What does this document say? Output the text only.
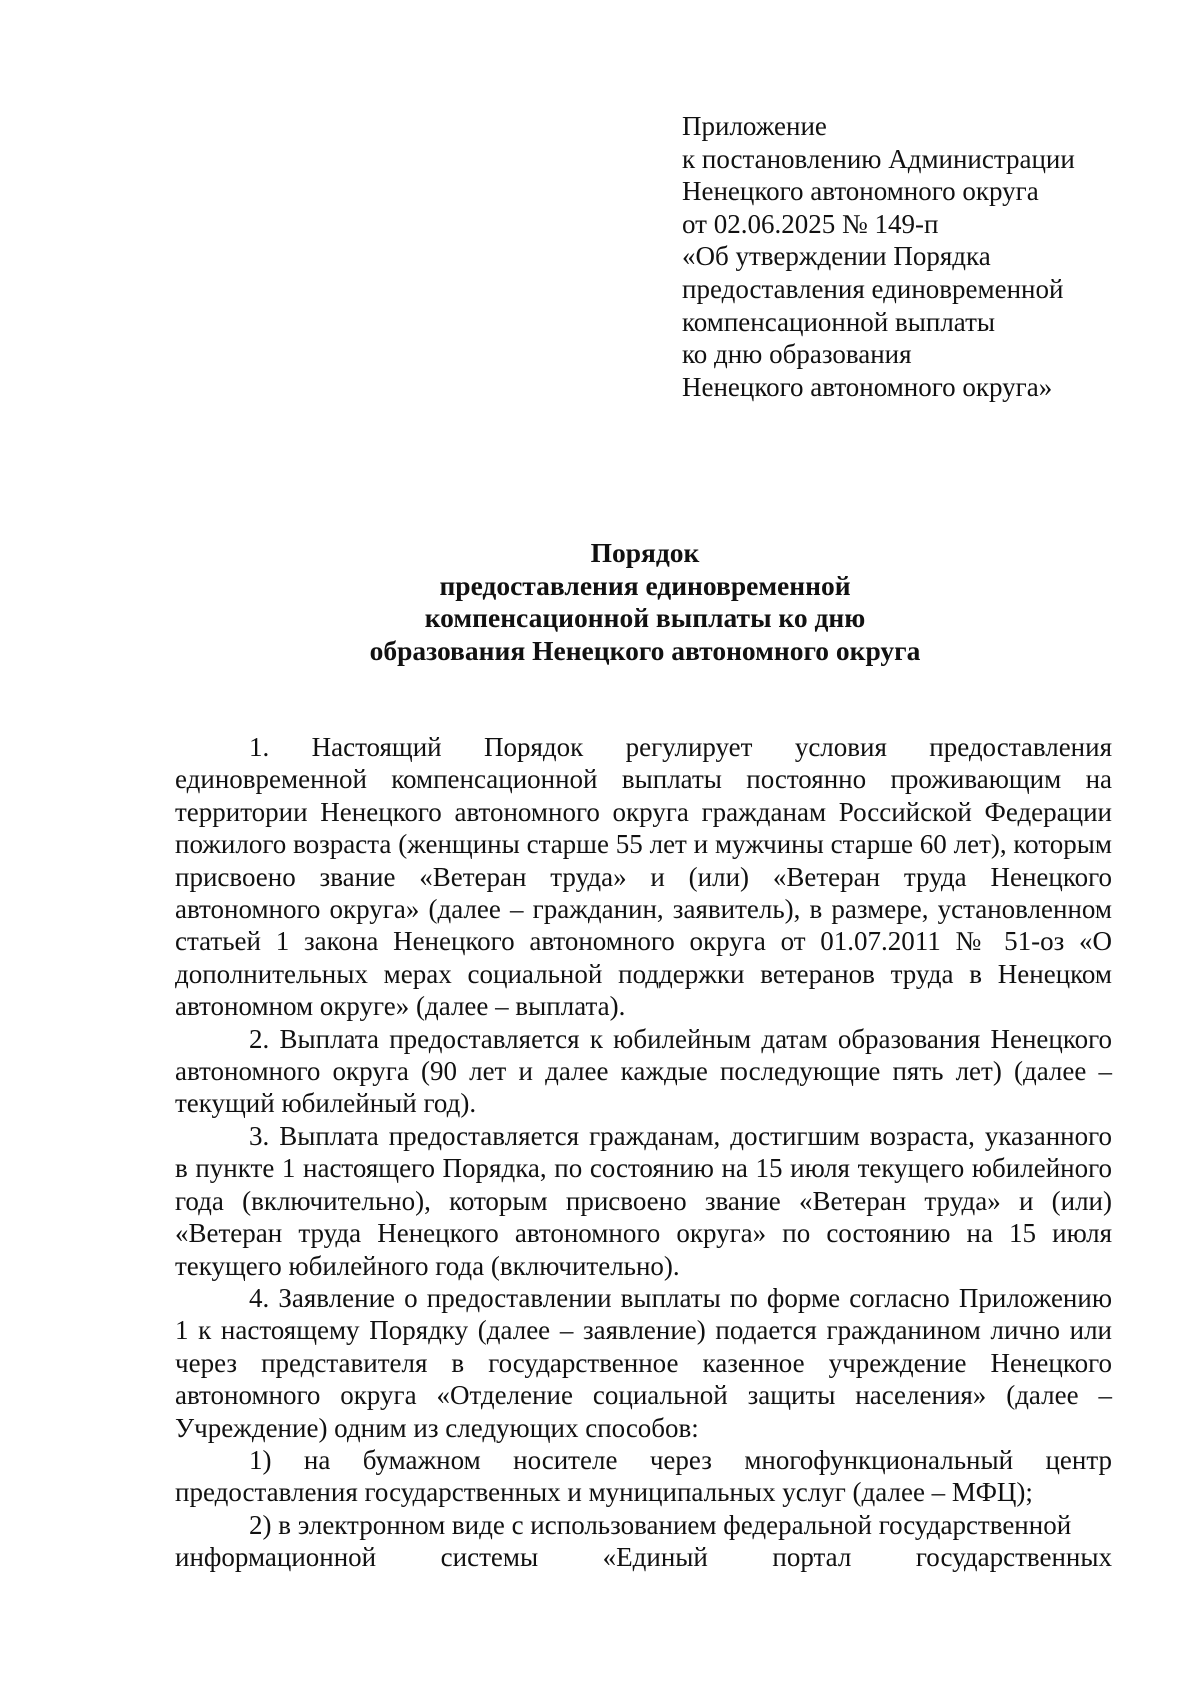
Приложение
к постановлению Администрации
Ненецкого автономного округа
от 02.06.2025 № 149-п
«Об утверждении Порядка
предоставления единовременной
компенсационной выплаты
ко дню образования
Ненецкого автономного округа»
Порядок
предоставления единовременной
компенсационной выплаты ко дню
образования Ненецкого автономного округа

1. Настоящий Порядок регулирует условия предоставления единовременной компенсационной выплаты постоянно проживающим на территории Ненецкого автономного округа гражданам Российской Федерации пожилого возраста (женщины старше 55 лет и мужчины старше 60 лет), которым присвоено звание «Ветеран труда» и (или) «Ветеран труда Ненецкого автономного округа» (далее – гражданин, заявитель), в размере, установленном статьей 1 закона Ненецкого автономного округа от 01.07.2011 № 51-оз «О дополнительных мерах социальной поддержки ветеранов труда в Ненецком автономном округе» (далее – выплата).

2. Выплата предоставляется к юбилейным датам образования Ненецкого автономного округа (90 лет и далее каждые последующие пять лет) (далее – текущий юбилейный год).

3. Выплата предоставляется гражданам, достигшим возраста, указанного в пункте 1 настоящего Порядка, по состоянию на 15 июля текущего юбилейного года (включительно), которым присвоено звание «Ветеран труда» и (или) «Ветеран труда Ненецкого автономного округа» по состоянию на 15 июля текущего юбилейного года (включительно).

4. Заявление о предоставлении выплаты по форме согласно Приложению 1 к настоящему Порядку (далее – заявление) подается гражданином лично или через представителя в государственное казенное учреждение Ненецкого автономного округа «Отделение социальной защиты населения» (далее – Учреждение) одним из следующих способов:

1) на бумажном носителе через многофункциональный центр предоставления государственных и муниципальных услуг (далее – МФЦ);

2) в электронном виде с использованием федеральной государственной

информационной системы «Единый портал государственных
